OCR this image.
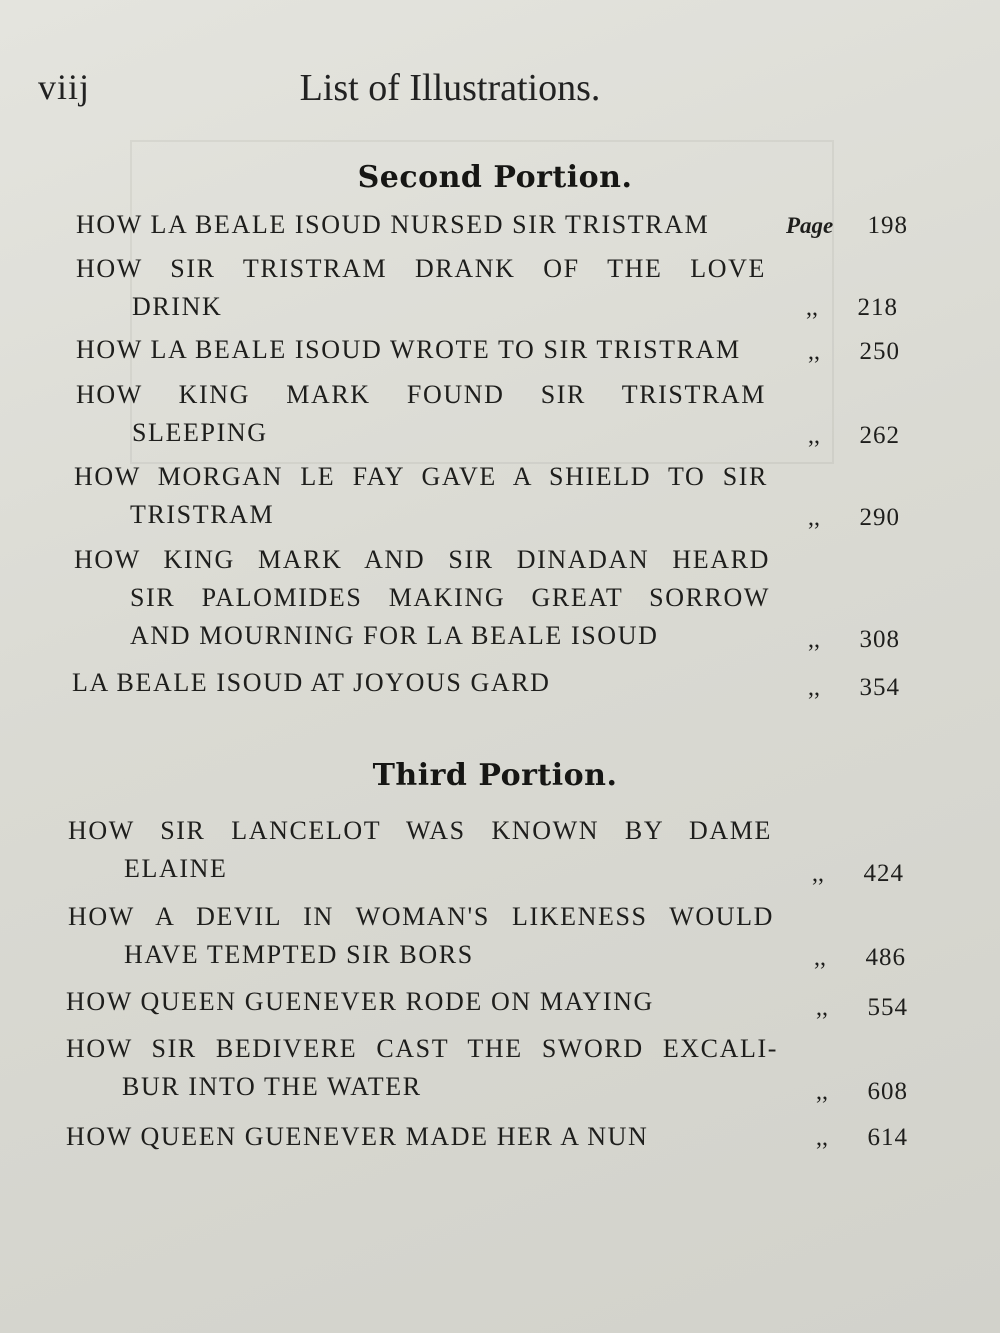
viij	List of Illustrations.
Second Portion.
HOW LA BEALE ISOUD NURSED SIR TRISTRAM	Page 198
HOW SIR TRISTRAM DRANK OF THE LOVE
DRINK	,, 218
HOW LA BEALE ISOUD WROTE TO SIR TRISTRAM	,, 250
HOW KING MARK FOUND SIR TRISTRAM
SLEEPING	,, 262
HOW MORGAN LE FAY GAVE A SHIELD TO SIR
TRISTRAM	,, 290
HOW KING MARK AND SIR DINADAN HEARD
SIR PALOMIDES MAKING GREAT SORROW
AND MOURNING FOR LA BEALE ISOUD	,, 308
LA BEALE ISOUD AT JOYOUS GARD	,, 354
Third Portion.
HOW SIR LANCELOT WAS KNOWN BY DAME
ELAINE	,, 424
HOW A DEVIL IN WOMAN'S LIKENESS WOULD
HAVE TEMPTED SIR BORS	,, 486
HOW QUEEN GUENEVER RODE ON MAYING	,, 554
HOW SIR BEDIVERE CAST THE SWORD EXCALI-
BUR INTO THE WATER	,, 608
HOW QUEEN GUENEVER MADE HER A NUN	,, 614
